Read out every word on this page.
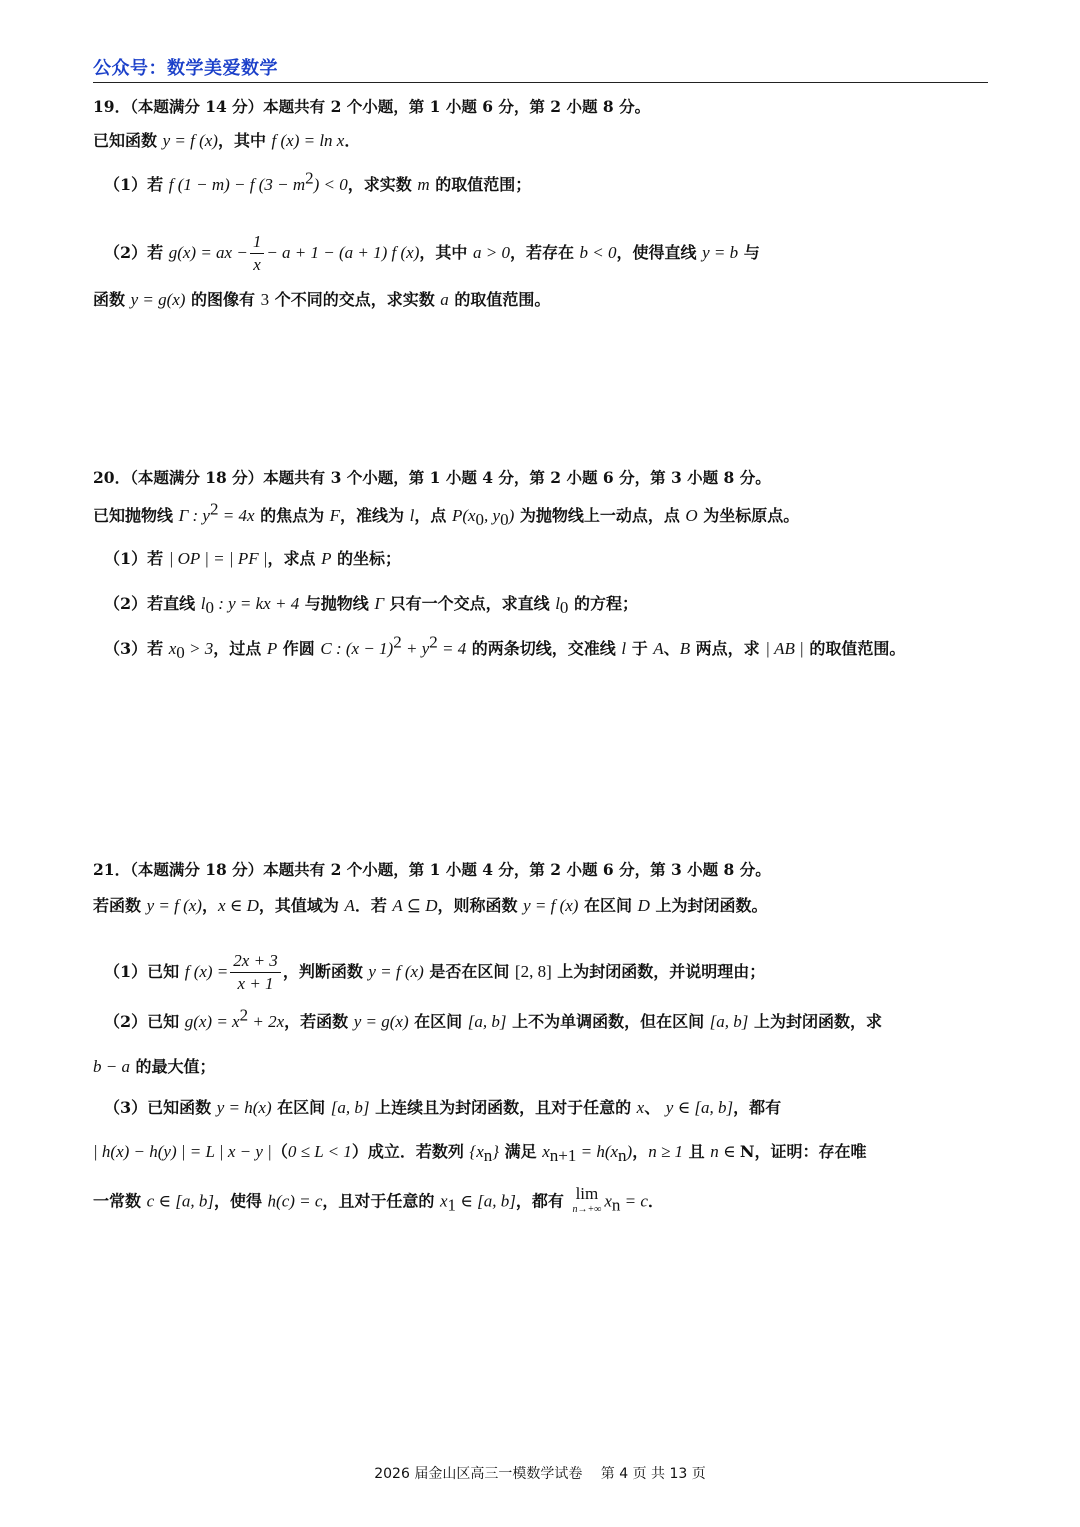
公众号：数学美爱数学
19．（本题满分 14 分）本题共有 2 个小题，第 1 小题 6 分，第 2 小题 8 分。
已知函数 y = f (x)，其中 f (x) = ln x．
（1）若 f (1 − m) − f $(3 - m^2) < 0$，求实数 m 的取值范围；
（2）若 g(x) = ax − $\frac{1}{x} - a + 1 - (a + 1)$ f (x)，其中 a > 0，若存在 b < 0，使得直线 y = b 与
函数 y = g(x) 的图像有 3 个不同的交点，求实数 a 的取值范围。
20．（本题满分 18 分）本题共有 3 个小题，第 1 小题 4 分，第 2 小题 6 分，第 3 小题 8 分。
已知抛物线 Γ : $y^2 = 4x$ 的焦点为 F，准线为 l，点 $P(x_0$, $y_0$) 为抛物线上一动点，点 O 为坐标原点。
（1）若 | OP | = | PF |，求点 P 的坐标；
（2）若直线 $l_0$ : y = kx + 4 与抛物线 Γ 只有一个交点，求直线 $l_0$ 的方程；
（3）若 $x_0 > 3$，过点 P 作圆 C : $(x - 1)^2 + y^2 = 4$ 的两条切线，交准线 l 于 A、B 两点，求 | AB | 的取值范围。
21．（本题满分 18 分）本题共有 2 个小题，第 1 小题 4 分，第 2 小题 6 分，第 3 小题 8 分。
若函数 y = f (x)，x ∈ D，其值域为 A．若 A ⊆ D，则称函数 y = f (x) 在区间 D 上为封闭函数。
（1）已知 f $(x) = \frac{2x + 3}{x + 1}$ ，判断函数 y = f (x) 是否在区间 [2, 8] 上为封闭函数，并说明理由；
（2）已知 $g(x) = x^2 + 2x$，若函数 y = g(x) 在区间 [a, b] 上不为单调函数，但在区间 [a, b] 上为封闭函数，求
b − a 的最大值；
（3）已知函数 y = h(x) 在区间 [a, b] 上连续且为封闭函数，且对于任意的 x、 y ∈ [a, b]，都有
| h(x) − h(y) | = L | x − y |（0 ≤ L < 1）成立．若数列 $\{x_n\}$ 满足 $x_{n+1} = h(x_n)$，n ≥ 1 且 n ∈ N，证明：存在唯
一常数 c ∈ [a, b]，使得 h(c) = c，且对于任意的 $x_1$ ∈ [a, b]，都有 lim
n→+∞ $x_n = c$．
2026 届金山区高三一模数学试卷　 第 4 页 共 13 页
